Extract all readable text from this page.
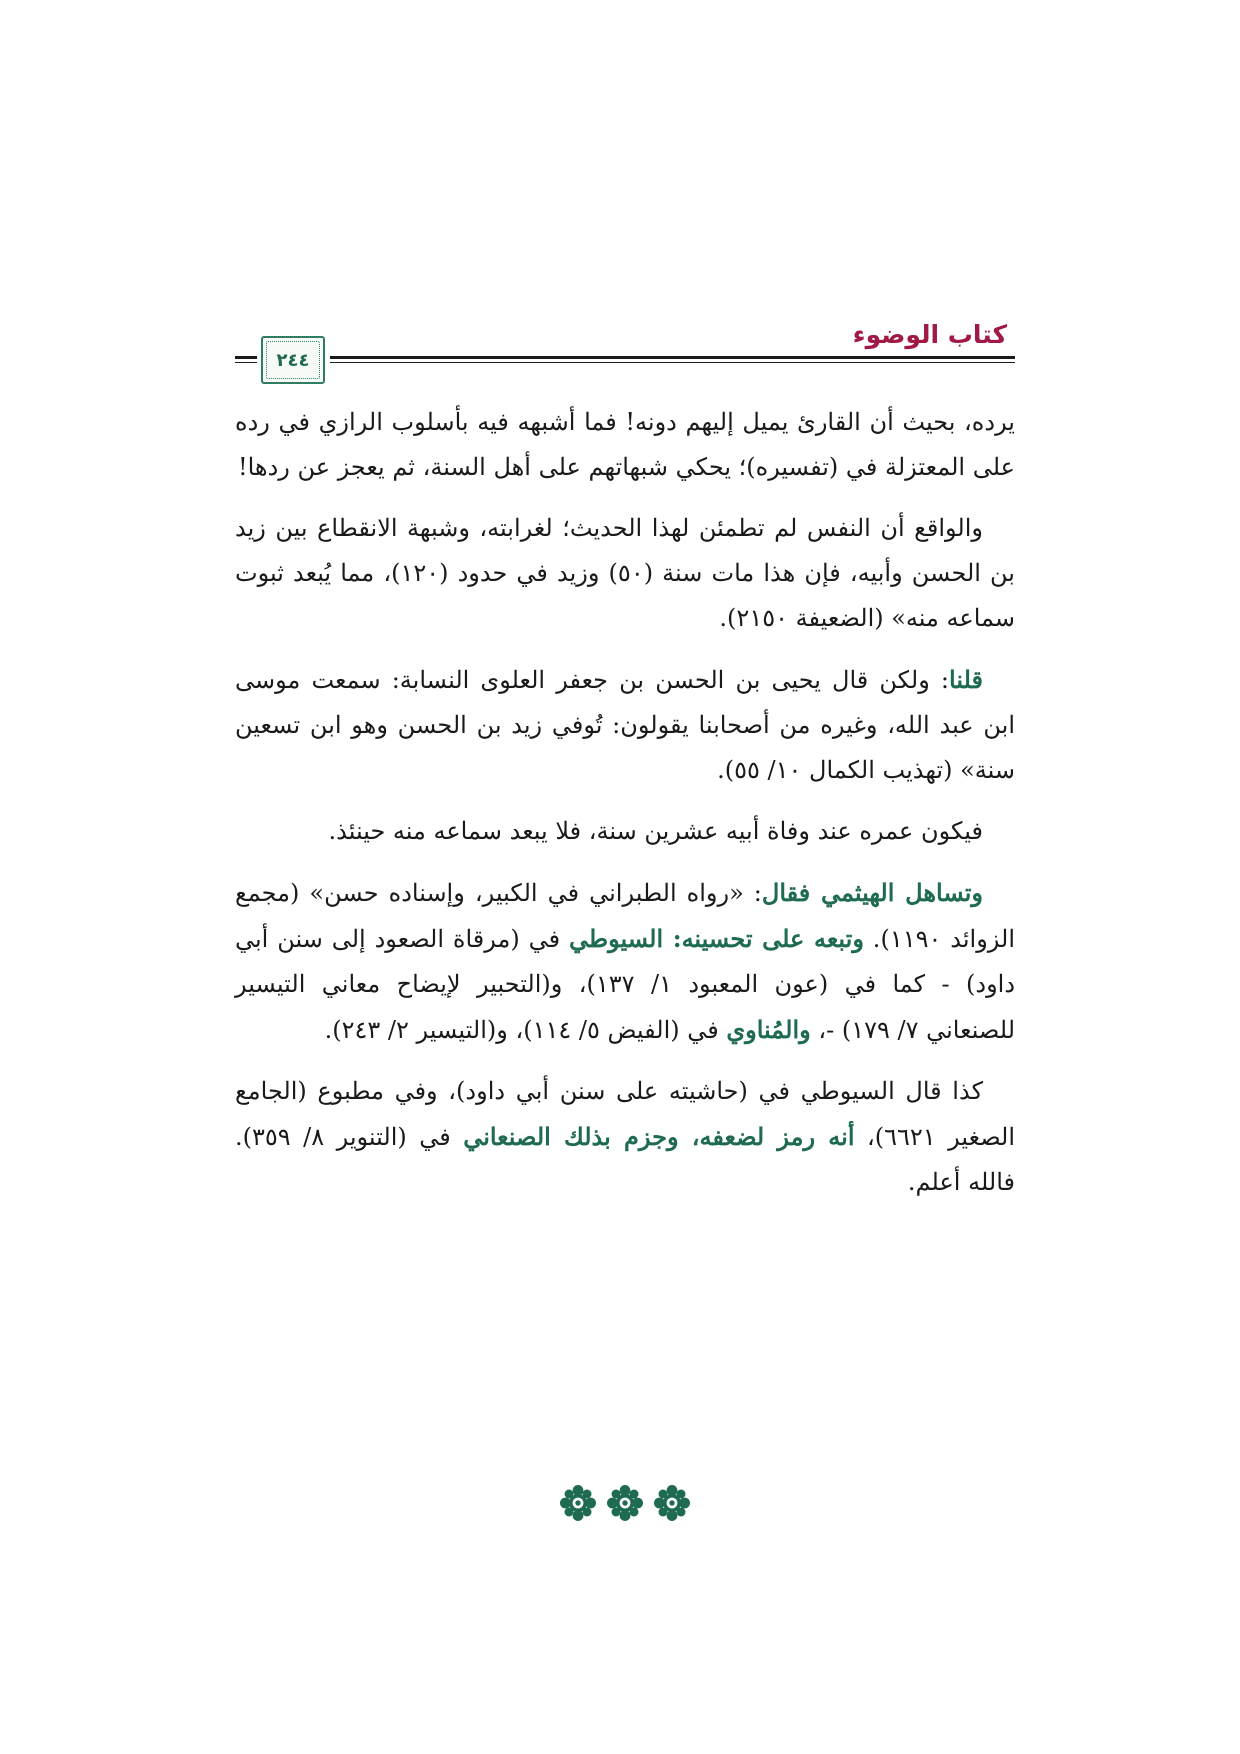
كتاب الوضوء
٢٤٤

يرده، بحيث أن القارئ يميل إليهم دونه! فما أشبهه فيه بأسلوب الرازي في رده على المعتزلة في (تفسيره)؛ يحكي شبهاتهم على أهل السنة، ثم يعجز عن ردها!

والواقع أن النفس لم تطمئن لهذا الحديث؛ لغرابته، وشبهة الانقطاع بين زيد بن الحسن وأبيه، فإن هذا مات سنة (٥٠) وزيد في حدود (١٢٠)، مما يُبعد ثبوت سماعه منه» (الضعيفة ٢١٥٠).

قلنا: ولكن قال يحيى بن الحسن بن جعفر العلوى النسابة: سمعت موسى ابن عبد الله، وغيره من أصحابنا يقولون: تُوفي زيد بن الحسن وهو ابن تسعين سنة» (تهذيب الكمال ١٠/ ٥٥).

فيكون عمره عند وفاة أبيه عشرين سنة، فلا يبعد سماعه منه حينئذ.

وتساهل الهيثمي فقال: «رواه الطبراني في الكبير، وإسناده حسن» (مجمع الزوائد ١١٩٠). وتبعه على تحسينه: السيوطي في (مرقاة الصعود إلى سنن أبي داود) - كما في (عون المعبود ١/ ١٣٧)، و(التحبير لإيضاح معاني التيسير للصنعاني ٧/ ١٧٩) -، والمُناوي في (الفيض ٥/ ١١٤)، و(التيسير ٢/ ٢٤٣).

كذا قال السيوطي في (حاشيته على سنن أبي داود)، وفي مطبوع (الجامع الصغير ٦٦٢١)، أنه رمز لضعفه، وجزم بذلك الصنعاني في (التنوير ٨/ ٣٥٩). فالله أعلم.
